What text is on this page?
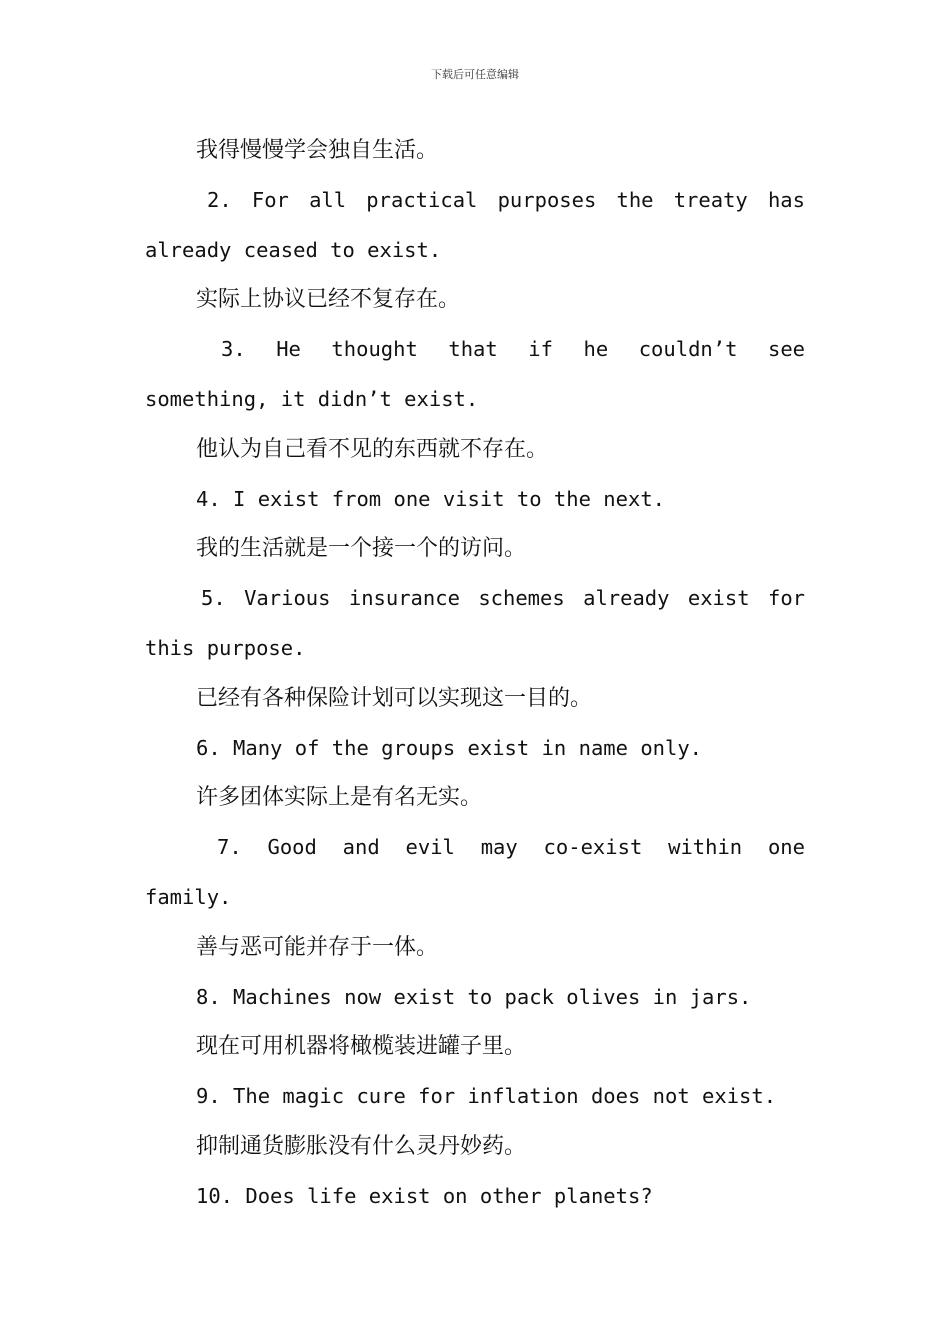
下载后可任意编辑
我得慢慢学会独自生活。
2. For all practical purposes the treaty has
already ceased to exist.
实际上协议已经不复存在。
3. He thought that if he couldn’t see
something, it didn’t exist.
他认为自己看不见的东西就不存在。
4. I exist from one visit to the next.
我的生活就是一个接一个的访问。
5. Various insurance schemes already exist for
this purpose.
已经有各种保险计划可以实现这一目的。
6. Many of the groups exist in name only.
许多团体实际上是有名无实。
7. Good and evil may co-exist within one
family.
善与恶可能并存于一体。
8. Machines now exist to pack olives in jars.
现在可用机器将橄榄装进罐子里。
9. The magic cure for inflation does not exist.
抑制通货膨胀没有什么灵丹妙药。
10. Does life exist on other planets?
